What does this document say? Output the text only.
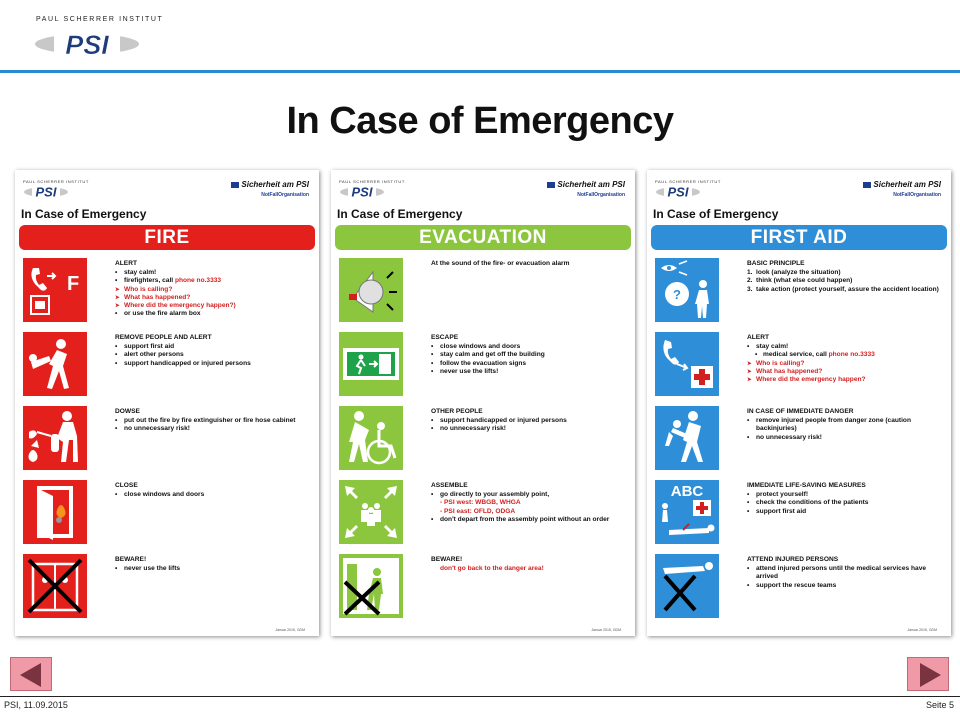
PAUL SCHERRER INSTITUT
PSI
In Case of Emergency
PAUL SCHERRER INSTITUT
PSI	Sicherheit am PSI
NotFallOrganisation
In Case of Emergency
FIRE
F
ALERT
• stay calm!
• firefighters, call phone no.3333
➤ Who is calling?
➤ What has happened?
➤ Where did the emergency happen?)
• or use the fire alarm box
REMOVE PEOPLE AND ALERT
• support first aid
• alert other persons
• support handicapped or injured persons
DOWSE
• put out the fire by fire extinguisher or fire hose cabinet
• no unnecessary risk!
CLOSE
• close windows and doors
BEWARE!
• never use the lifts
Januar 2015, GDM
PAUL SCHERRER INSTITUT
PSI	Sicherheit am PSI
NotFallOrganisation
In Case of Emergency
EVACUATION
At the sound of the fire- or evacuation alarm
ESCAPE
• close windows and doors
• stay calm and get off the building
• follow the evacuation signs
• never use the lifts!
OTHER PEOPLE
• support handicapped or injured persons
• no unnecessary risk!
ASSEMBLE
• go directly to your assembly point,
- PSI west: WBGB, WHGA
- PSI east: OFLD, ODGA
• don't depart from the assembly point without an order
BEWARE!
don't go back to the danger area!
Januar 2015, GDM
PAUL SCHERRER INSTITUT
PSI	Sicherheit am PSI
NotFallOrganisation
In Case of Emergency
FIRST AID
?
BASIC PRINCIPLE
1. look (analyze the situation)
2. think (what else could happen)
3. take action (protect yourself, assure the accident location)
ALERT
• stay calm!
• medical service, call phone no.3333
➤ Who is calling?
➤ What has happened?
➤ Where did the emergency happen?
IN CASE OF IMMEDIATE DANGER
• remove injured people from danger zone (caution backinjuries)
• no unnecessary risk!
ABC	IMMEDIATE LIFE-SAVING MEASURES
• protect yourself!
• check the conditions of the patients
• support first aid
ATTEND INJURED PERSONS
• attend injured persons until the medical services have arrived
• support the rescue teams
Januar 2015, GDM
PSI, 11.09.2015	Seite 5
